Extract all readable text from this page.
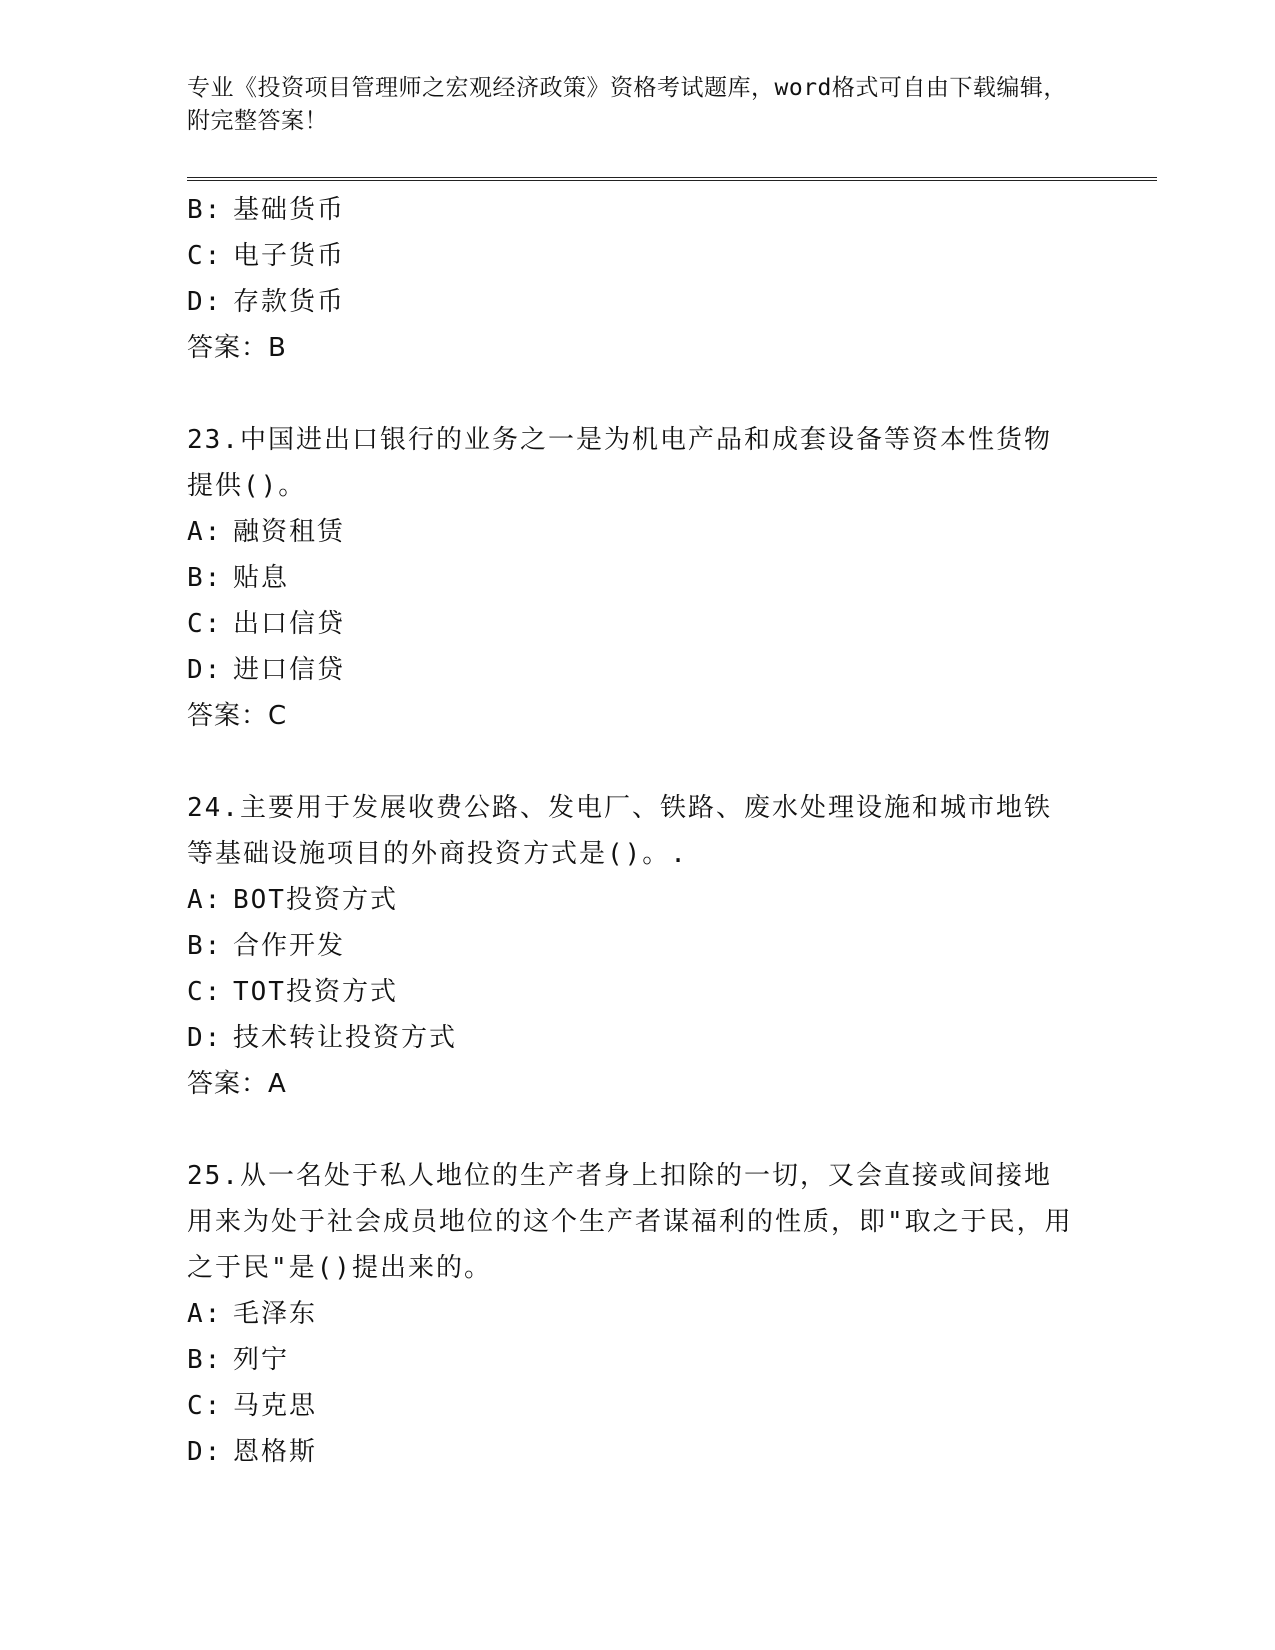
专业《投资项目管理师之宏观经济政策》资格考试题库，word格式可自由下载编辑，附完整答案！
B: 基础货币
C: 电子货币
D: 存款货币
答案：B
23.中国进出口银行的业务之一是为机电产品和成套设备等资本性货物提供()。
A: 融资租赁
B: 贴息
C: 出口信贷
D: 进口信贷
答案：C
24.主要用于发展收费公路、发电厂、铁路、废水处理设施和城市地铁等基础设施项目的外商投资方式是()。.
A: BOT投资方式
B: 合作开发
C: TOT投资方式
D: 技术转让投资方式
答案：A
25.从一名处于私人地位的生产者身上扣除的一切，又会直接或间接地用来为处于社会成员地位的这个生产者谋福利的性质，即"取之于民，用之于民"是()提出来的。
A: 毛泽东
B: 列宁
C: 马克思
D: 恩格斯
